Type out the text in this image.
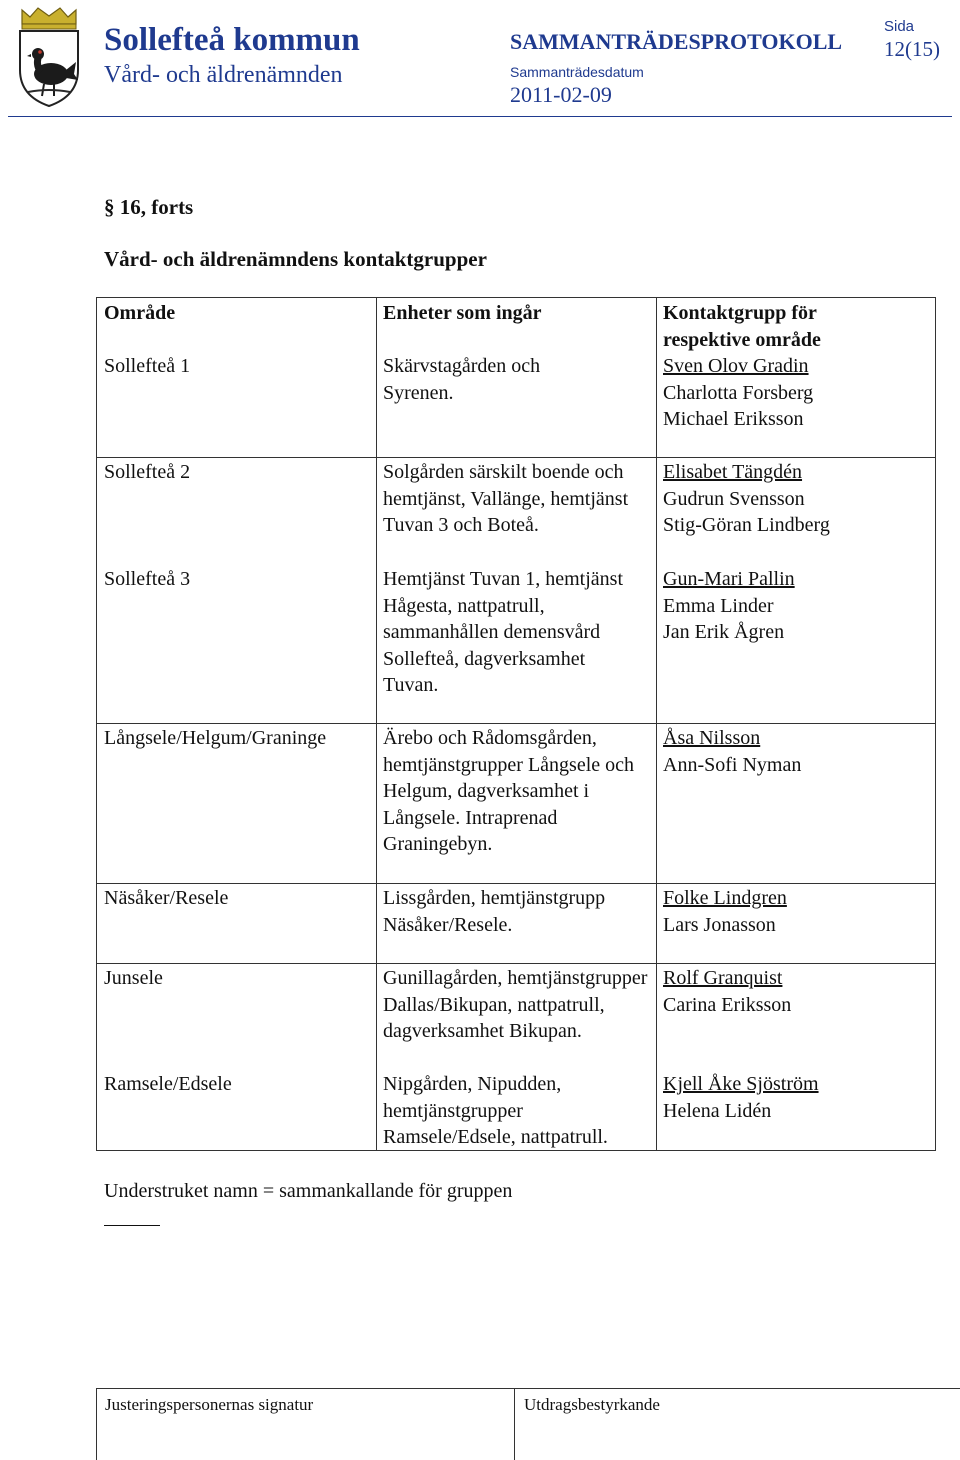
Sollefteå kommun
Vård- och äldrenämnden
SAMMANTRÄDESPROTOKOLL
Sammanträdesdatum
2011-02-09
Sida
12(15)
§ 16, forts
Vård- och äldrenämndens kontaktgrupper
Område	Enheter som ingår	Kontaktgrupp för respektive område
Sollefteå 1	Skärvstagården och Syrenen.
Sven Olov Gradin
Charlotta Forsberg
Michael Eriksson
Sollefteå 2	Solgården särskilt boende och hemtjänst, Vallänge, hemtjänst Tuvan 3 och Boteå.
Elisabet Tängdén
Gudrun Svensson
Stig-Göran Lindberg
Sollefteå 3	Hemtjänst Tuvan 1, hemtjänst Hågesta, nattpatrull, sammanhållen demensvård Sollefteå, dagverksamhet Tuvan.
Gun-Mari Pallin
Emma Linder
Jan Erik Ågren
Långsele/Helgum/Graninge	Ärebo och Rådomsgården, hemtjänstgrupper Långsele och Helgum, dagverksamhet i Långsele. Intraprenad Graningebyn.
Åsa Nilsson
Ann-Sofi Nyman
Näsåker/Resele	Lissgården, hemtjänstgrupp Näsåker/Resele.
Folke Lindgren
Lars Jonasson
Junsele	Gunillagården, hemtjänstgrupper Dallas/Bikupan, nattpatrull, dagverksamhet Bikupan.
Rolf Granquist
Carina Eriksson
Ramsele/Edsele	Nipgården, Nipudden, hemtjänstgrupper Ramsele/Edsele, nattpatrull.
Kjell Åke Sjöström
Helena Lidén
Understruket namn = sammankallande för gruppen
Justeringspersonernas signatur	Utdragsbestyrkande
